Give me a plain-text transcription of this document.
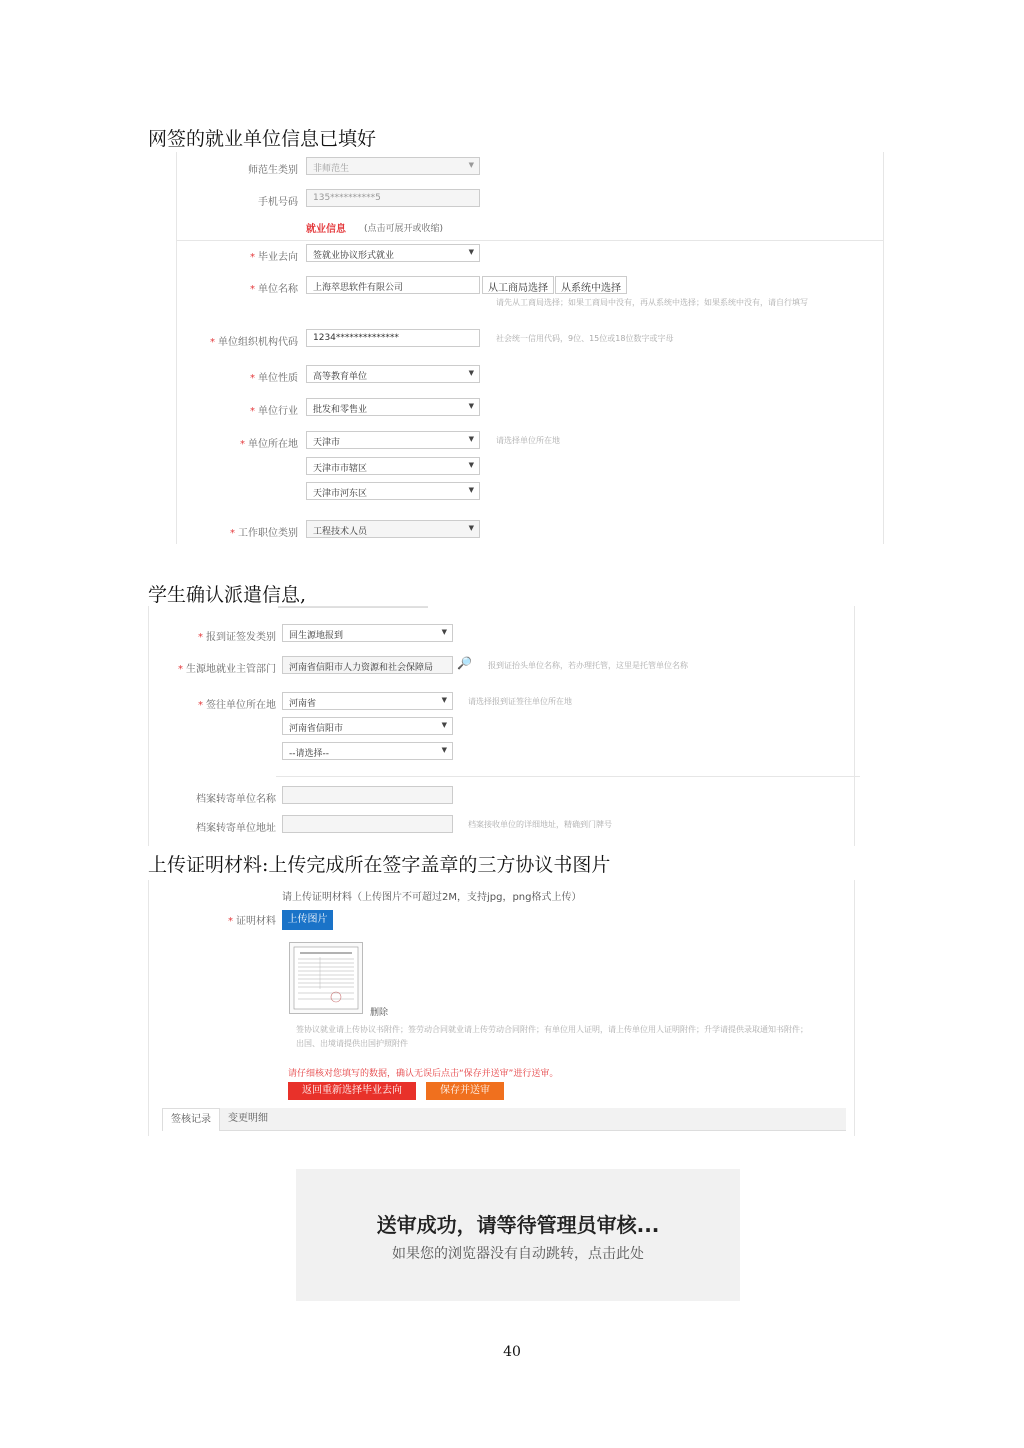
网签的就业单位信息已填好
师范生类别	非师范生 ▼
手机号码	135**********5
就业信息 (点击可展开或收缩)
* 毕业去向	签就业协议形式就业 ▼
* 单位名称	上海萃思软件有限公司	从工商局选择	从系统中选择
请先从工商局选择；如果工商局中没有，再从系统中选择；如果系统中没有，请自行填写
* 单位组织机构代码	1234**************	社会统一信用代码，9位、15位或18位数字或字母
* 单位性质	高等教育单位 ▼
* 单位行业	批发和零售业 ▼
* 单位所在地	天津市 ▼	请选择单位所在地
天津市市辖区 ▼
天津市河东区 ▼
* 工作职位类别	工程技术人员 ▼
学生确认派遣信息,
* 报到证签发类别	回生源地报到 ▼
* 生源地就业主管部门	河南省信阳市人力资源和社会保障局	🔎 报到证抬头单位名称，若办理托管，这里是托管单位名称
* 签往单位所在地	河南省 ▼	请选择报到证签往单位所在地
河南省信阳市 ▼
--请选择-- ▼
档案转寄单位名称
档案转寄单位地址	档案接收单位的详细地址，精确到门牌号
上传证明材料:上传完成所在签字盖章的三方协议书图片
请上传证明材料（上传图片不可超过2M，支持jpg，png格式上传）
* 证明材料	上传图片
删除
签协议就业请上传协议书附件；签劳动合同就业请上传劳动合同附件；有单位用人证明，请上传单位用人证明附件；升学请提供录取通知书附件；
出国、出境请提供出国护照附件
请仔细核对您填写的数据，确认无误后点击“保存并送审”进行送审。
返回重新选择毕业去向	保存并送审
签核记录	变更明细
送审成功，请等待管理员审核...
如果您的浏览器没有自动跳转，点击此处
40
